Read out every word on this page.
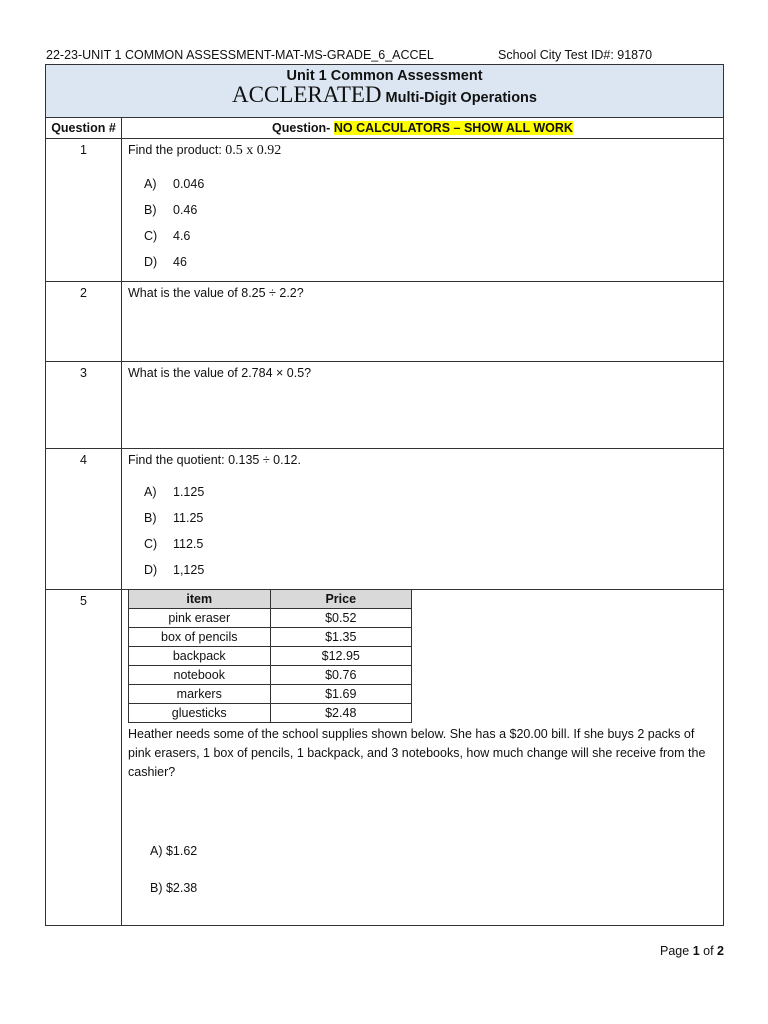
22-23-UNIT 1 COMMON ASSESSMENT-MAT-MS-GRADE_6_ACCEL	School City Test ID#: 91870
Unit 1 Common Assessment
ACCLERATED Multi-Digit Operations

Question #	Question- NO CALCULATORS – SHOW ALL WORK
1	Find the product: 0.5 x 0.92
A)	0.046
B)	0.46
C)	4.6
D)	46

2	What is the value of 8.25 ÷ 2.2?
3	What is the value of 2.784 × 0.5?
4	Find the quotient: 0.135 ÷ 0.12.
A)	1.125
B)	11.25
C)	112.5
D)	1,125

5		item	Price
pink eraser	$0.52
box of pencils	$1.35
backpack	$12.95
notebook	$0.76
markers	$1.69
gluesticks	$2.48
Heather needs some of the school supplies shown below. She has a $20.00 bill. If she buys 2 packs of pink erasers, 1 box of pencils, 1 backpack, and 3 notebooks, how much change will she receive from the cashier?
A) $1.62
B) $2.38
Page 1 of 2
